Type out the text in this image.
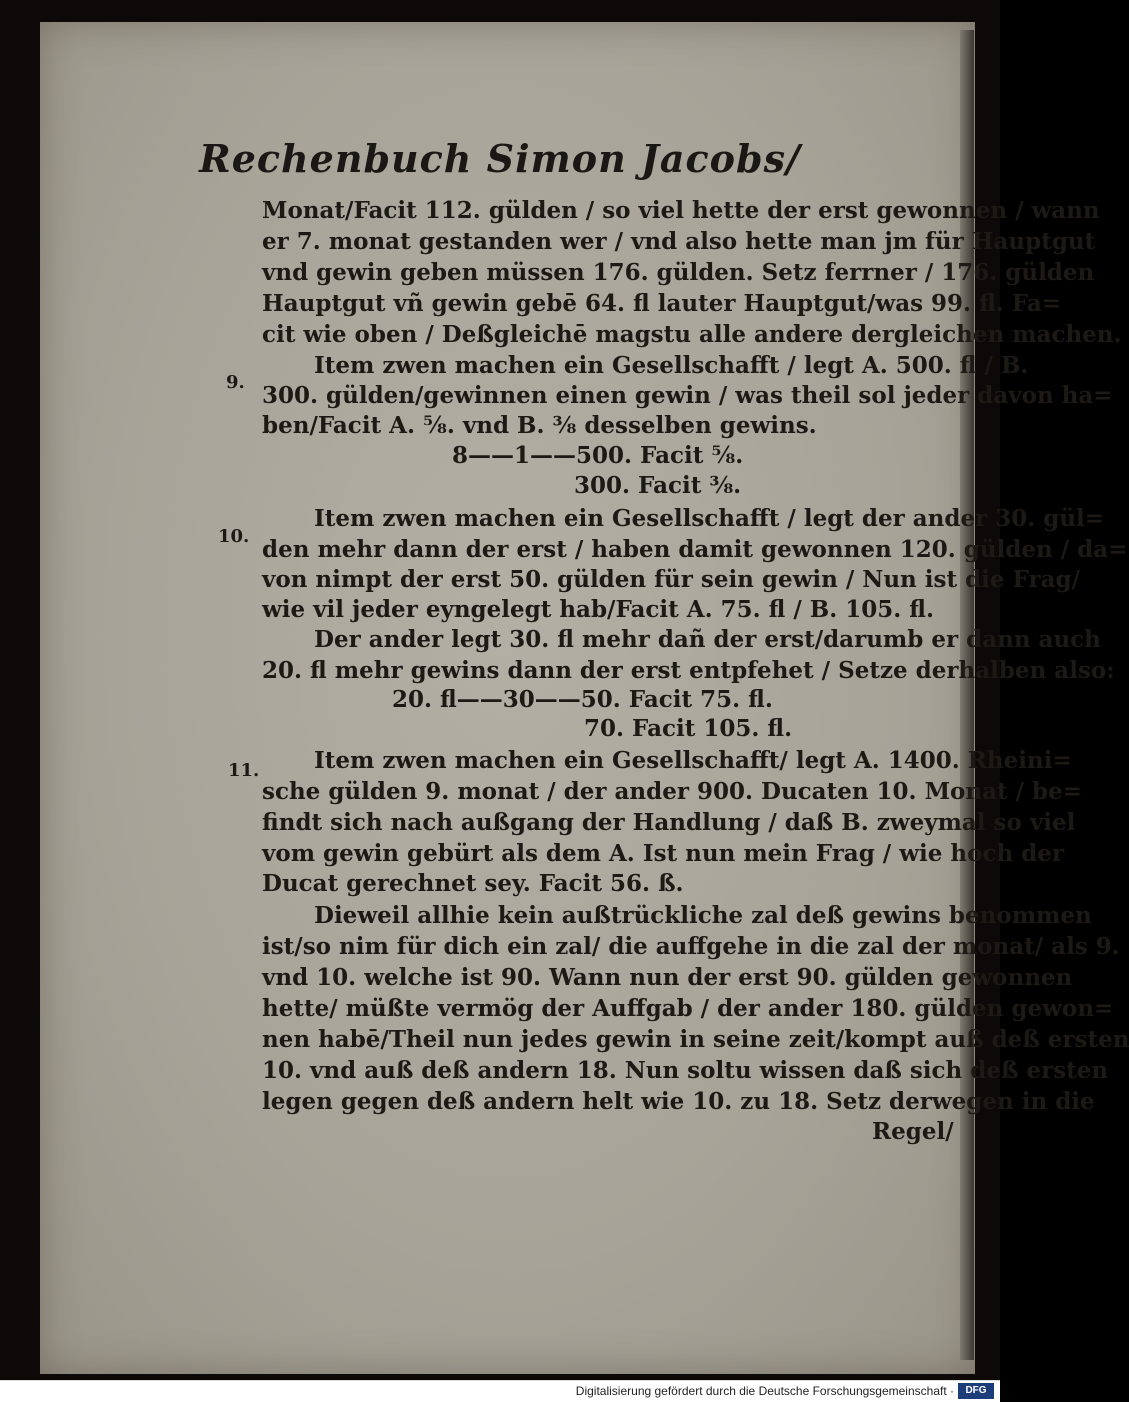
Rechenbuch Simon Jacobs/
Monat/Facit 112. gülden / so viel hette der erst gewonnen / wann
er 7. monat gestanden wer / vnd also hette man jm für Hauptgut
vnd gewin geben müssen 176. gülden. Setz ferrner / 176. gülden
Hauptgut vñ gewin gebē 64. fl lauter Hauptgut/was 99. fl. Fa=
cit wie oben / Deßgleichē magstu alle andere dergleichen machen.
Item zwen machen ein Gesellschafft / legt A. 500. fl / B.
300. gülden/gewinnen einen gewin / was theil sol jeder davon ha=
ben/Facit A. ⅝. vnd B. ⅜ desselben gewins.
8——1——500. Facit ⅝.
300. Facit ⅜.
Item zwen machen ein Gesellschafft / legt der ander 30. gül=
den mehr dann der erst / haben damit gewonnen 120. gülden / da=
von nimpt der erst 50. gülden für sein gewin / Nun ist die Frag/
wie vil jeder eyngelegt hab/Facit A. 75. fl / B. 105. fl.
Der ander legt 30. fl mehr dañ der erst/darumb er dann auch
20. fl mehr gewins dann der erst entpfehet / Setze derhalben also:
20. fl——30——50. Facit 75. fl.
70. Facit 105. fl.
Item zwen machen ein Gesellschafft/ legt A. 1400. Rheini=
sche gülden 9. monat / der ander 900. Ducaten 10. Monat / be=
findt sich nach außgang der Handlung / daß B. zweymal so viel
vom gewin gebürt als dem A. Ist nun mein Frag / wie hoch der
Ducat gerechnet sey. Facit 56. ß.
Dieweil allhie kein außtrückliche zal deß gewins benommen
ist/so nim für dich ein zal/ die auffgehe in die zal der monat/ als 9.
vnd 10. welche ist 90. Wann nun der erst 90. gülden gewonnen
hette/ müßte vermög der Auffgab / der ander 180. gülden gewon=
nen habē/Theil nun jedes gewin in seine zeit/kompt auß deß ersten
10. vnd auß deß andern 18. Nun soltu wissen daß sich deß ersten
legen gegen deß andern helt wie 10. zu 18. Setz derwegen in die
Regel/
9.
10.
11.
Digitalisierung gefördert durch die Deutsche Forschungsgemeinschaft ·	DFG
